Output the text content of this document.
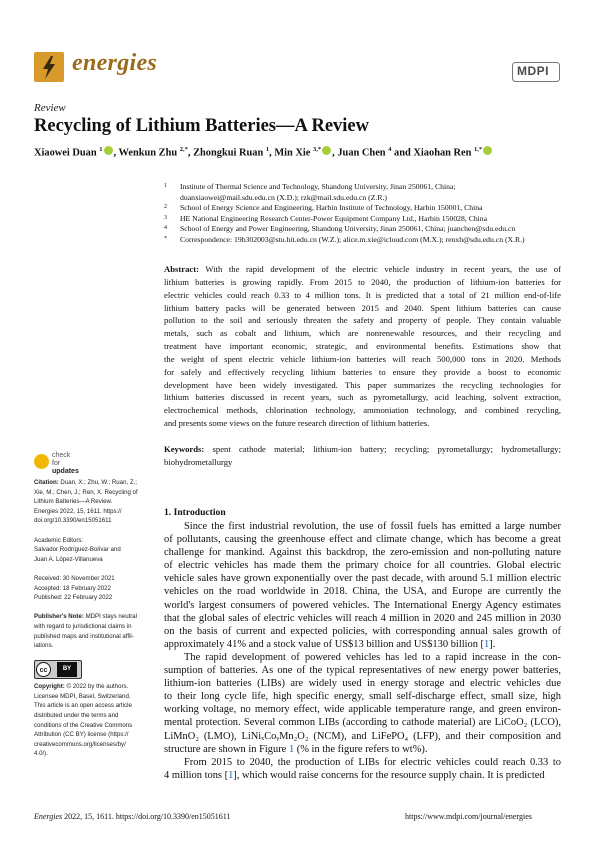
energies	MDPI
Review
Recycling of Lithium Batteries—A Review
Xiaowei Duan $^1$ , Wenkun Zhu $^{2,*}$, Zhongkui Ruan $^1$, Min Xie $^{3,*}$ , Juan Chen $^4$ and Xiaohan Ren $^{1,*}$
1 Institute of Thermal Science and Technology, Shandong University, Jinan 250061, China;
duanxiaowei@mail.sdu.edu.cn (X.D.); rzk@mail.sdu.edu.cn (Z.R.)
2 School of Energy Science and Engineering, Harbin Institute of Technology, Harbin 150001, China
3 HE National Engineering Research Center-Power Equipment Company Ltd., Harbin 150028, China
4 School of Energy and Power Engineering, Shandong University, Jinan 250061, China; juanchen@sdu.edu.cn
* Correspondence: 19b302003@stu.hit.edu.cn (W.Z.); alice.m.xie@icloud.com (M.X.); renxh@sdu.edu.cn (X.R.)
Abstract: With the rapid development of the electric vehicle industry in recent years, the use of
lithium batteries is growing rapidly. From 2015 to 2040, the production of lithium-ion batteries for
electric vehicles could reach 0.33 to 4 million tons. It is predicted that a total of 21 million end-of-life
lithium battery packs will be generated between 2015 and 2040. Spent lithium batteries can cause
pollution to the soil and seriously threaten the safety and property of people. They contain valuable
metals, such as cobalt and lithium, which are nonrenewable resources, and their recycling and
treatment have important economic, strategic, and environmental benefits. Estimations show that
the weight of spent electric vehicle lithium-ion batteries will reach 500,000 tons in 2020. Methods
for safely and effectively recycling lithium batteries to ensure they provide a boost to economic
development have been widely investigated. This paper summarizes the recycling technologies for
lithium batteries discussed in recent years, such as pyrometallurgy, acid leaching, solvent extraction,
electrochemical methods, chlorination technology, ammoniation technology, and combined recycling,
and presents some views on the future research direction of lithium batteries.
Keywords: spent cathode material; lithium-ion battery; recycling; pyrometallurgy; hydrometallurgy;
biohydrometallurgy
check for
updates
Citation: Duan, X.; Zhu, W.; Ruan, Z.;
Xie, M.; Chen, J.; Ren, X. Recycling of
Lithium Batteries—A Review.
Energies 2022, 15, 1611. https://
doi.org/10.3390/en15051611
Academic Editors:
Salvador Rodríguez-Bolívar and
Juan A. López-Villanueva
Received: 30 November 2021
Accepted: 18 February 2022
Published: 22 February 2022
Publisher's Note: MDPI stays neutral
with regard to jurisdictional claims in
published maps and institutional affil-
iations.
cc	BY
Copyright: © 2022 by the authors.
Licensee MDPI, Basel, Switzerland.
This article is an open access article
distributed under the terms and
conditions of the Creative Commons
Attribution (CC BY) license (https://
creativecommons.org/licenses/by/
4.0/).
1. Introduction
Since the first industrial revolution, the use of fossil fuels has emitted a large number
of pollutants, causing the greenhouse effect and climate change, which has become a great
challenge for mankind. Against this backdrop, the zero-emission and non-polluting nature
of electric vehicles has made them the primary choice for all countries. Global electric
vehicle sales have grown exponentially over the past decade, with around 5.1 million electric
vehicles on the road worldwide in 2018. China, the USA, and Europe are currently the
world's largest consumers of powered vehicles. The International Energy Agency estimates
that the global sales of electric vehicles will reach 4 million in 2020 and 245 million in 2030
on the basis of current and expected policies, with corresponding annual sales growth of
approximately 41% and a stock value of US$13 billion and US$130 billion [1].
The rapid development of powered vehicles has led to a rapid increase in the con-
sumption of batteries. As one of the typical representatives of new energy power batteries,
lithium-ion batteries (LIBs) are widely used in energy storage and electric vehicles due
to their long cycle life, high specific energy, small self-discharge effect, small size, high
working voltage, no memory effect, wide applicable temperature range, and green environ-
mental protection. Several common LIBs (according to cathode material) are LiCoO₂ (LCO),
LiMnO₂ (LMO), LiNiₓCoᵧMn₂O₂ (NCM), and LiFePO₄ (LFP), and their composition and
structure are shown in Figure 1 (% in the figure refers to wt%).
From 2015 to 2040, the production of LIBs for electric vehicles could reach 0.33 to
4 million tons [1], which would raise concerns for the resource supply chain. It is predicted
Energies 2022, 15, 1611. https://doi.org/10.3390/en15051611	https://www.mdpi.com/journal/energies
